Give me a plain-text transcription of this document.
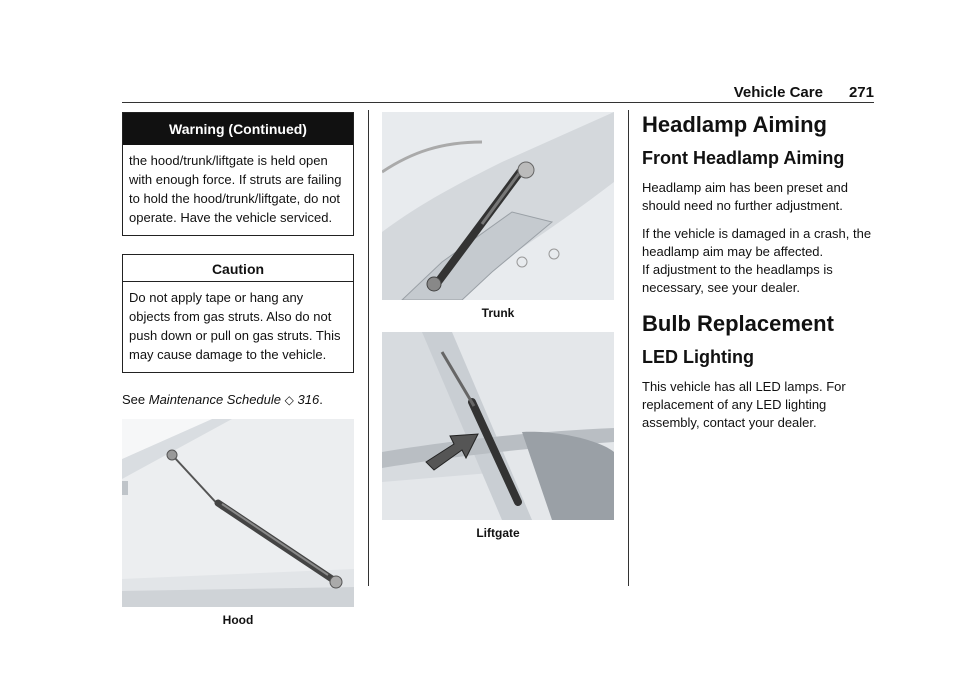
Vehicle Care 271
Warning (Continued)
the hood/trunk/liftgate is held open with enough force. If struts are failing to hold the hood/trunk/liftgate, do not operate. Have the vehicle serviced.
Caution
Do not apply tape or hang any objects from gas struts. Also do not push down or pull on gas struts. This may cause damage to the vehicle.

See Maintenance Schedule ◇ 316.

Hood
Trunk
Liftgate
Headlamp Aiming
Front Headlamp Aiming

Headlamp aim has been preset and should need no further adjustment.

If the vehicle is damaged in a crash, the headlamp aim may be affected.

If adjustment to the headlamps is necessary, see your dealer.

Bulb Replacement
LED Lighting

This vehicle has all LED lamps. For replacement of any LED lighting assembly, contact your dealer.
